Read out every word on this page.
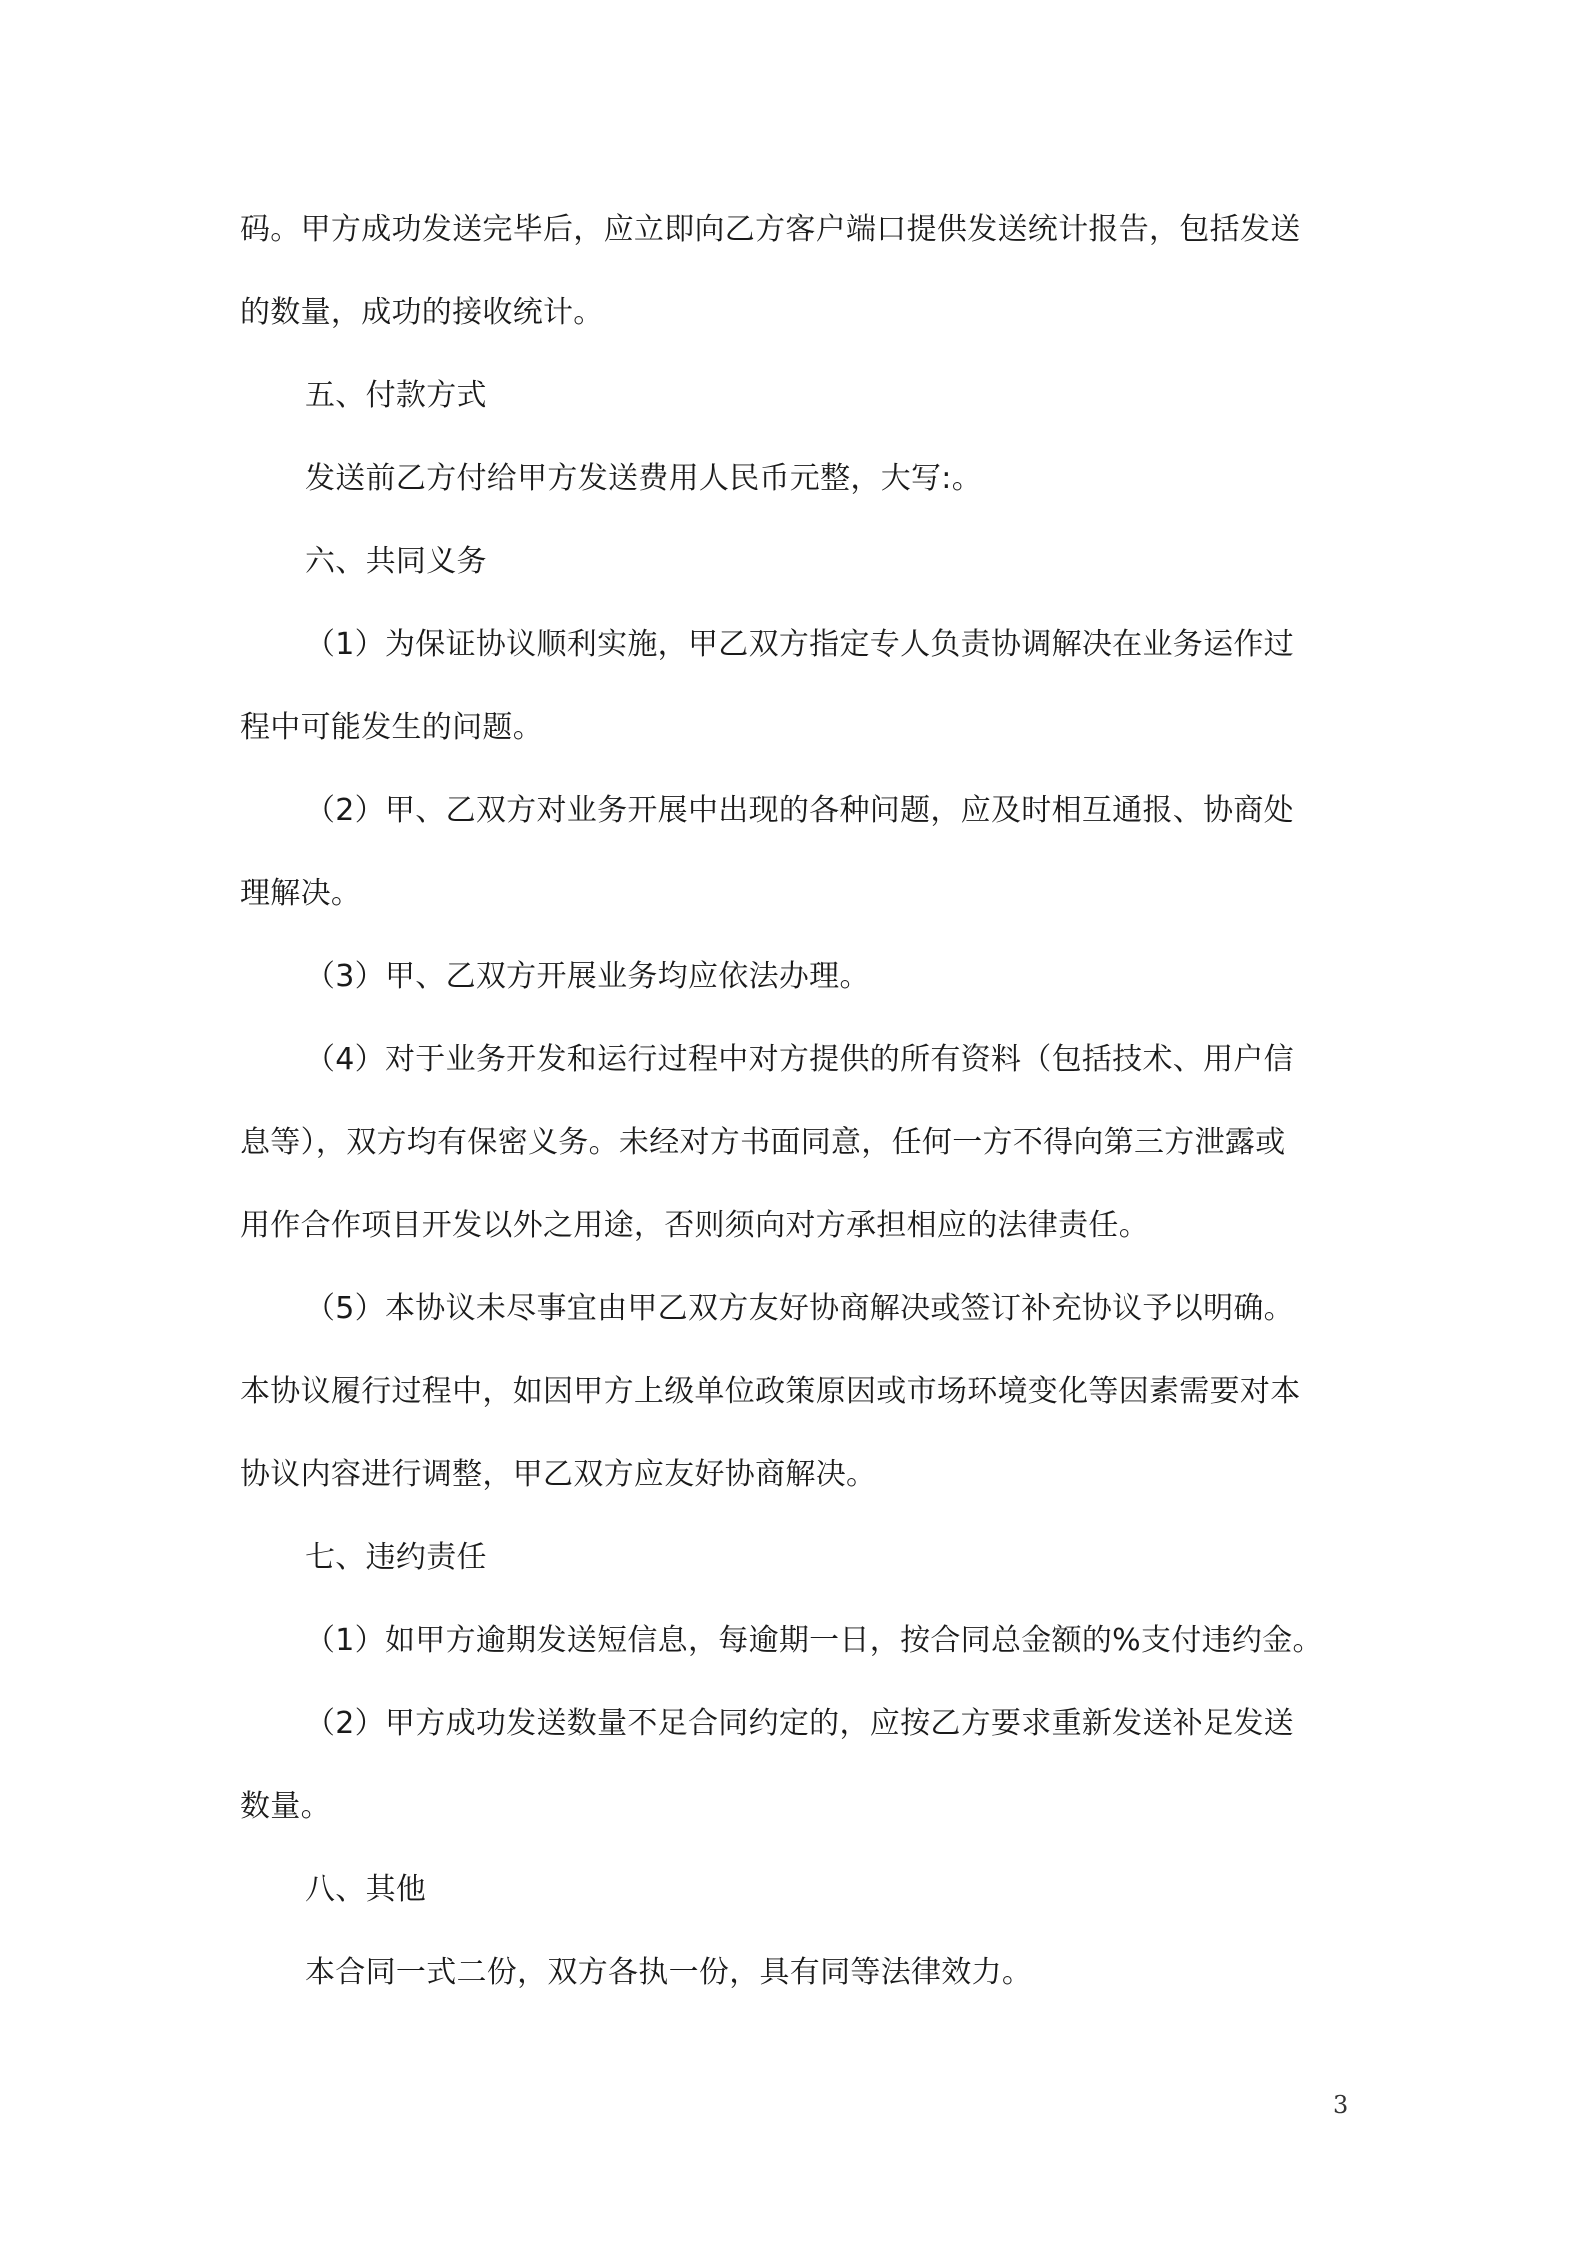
码。甲方成功发送完毕后，应立即向乙方客户端口提供发送统计报告，包括发送
的数量，成功的接收统计。
五、付款方式
发送前乙方付给甲方发送费用人民币元整，大写:。
六、共同义务
（1）为保证协议顺利实施，甲乙双方指定专人负责协调解决在业务运作过
程中可能发生的问题。
（2）甲、乙双方对业务开展中出现的各种问题，应及时相互通报、协商处
理解决。
（3）甲、乙双方开展业务均应依法办理。
（4）对于业务开发和运行过程中对方提供的所有资料（包括技术、用户信
息等），双方均有保密义务。未经对方书面同意，任何一方不得向第三方泄露或
用作合作项目开发以外之用途，否则须向对方承担相应的法律责任。
（5）本协议未尽事宜由甲乙双方友好协商解决或签订补充协议予以明确。
本协议履行过程中，如因甲方上级单位政策原因或市场环境变化等因素需要对本
协议内容进行调整，甲乙双方应友好协商解决。
七、违约责任
（1）如甲方逾期发送短信息，每逾期一日，按合同总金额的%支付违约金。
（2）甲方成功发送数量不足合同约定的，应按乙方要求重新发送补足发送
数量。
八、其他
本合同一式二份，双方各执一份，具有同等法律效力。
3
